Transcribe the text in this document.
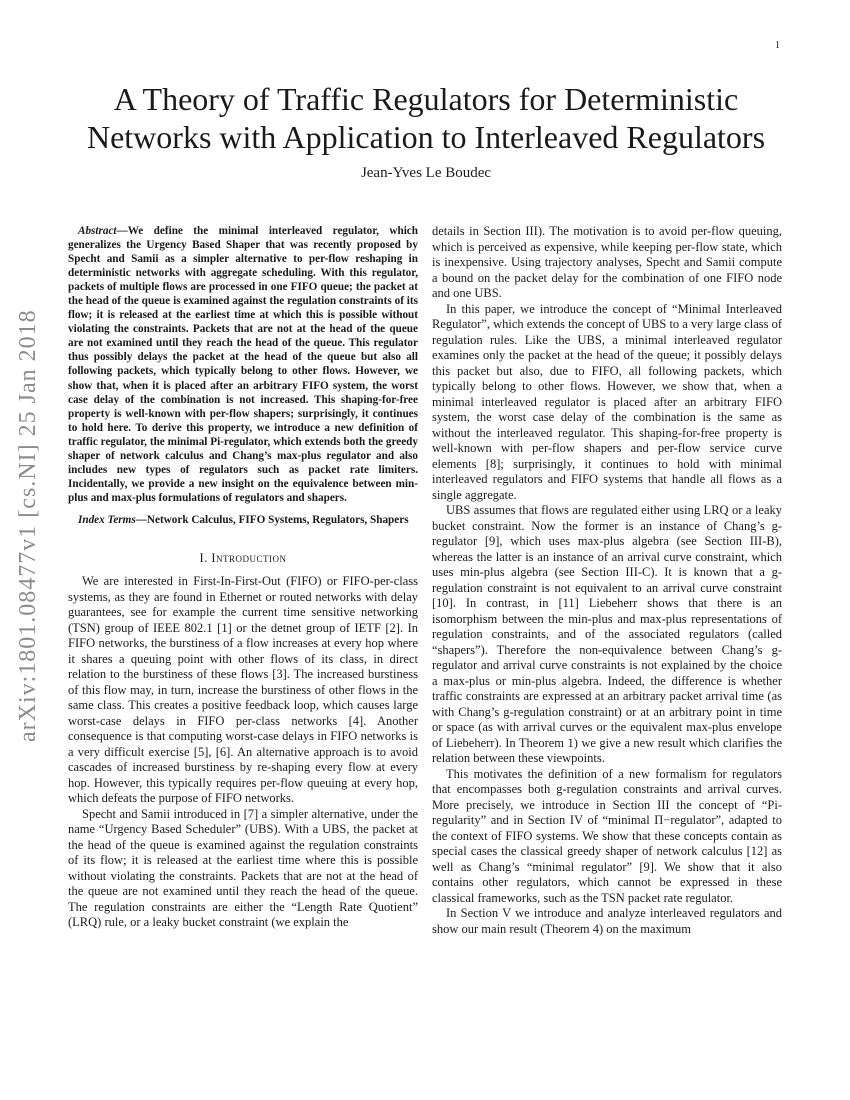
1
arXiv:1801.08477v1 [cs.NI] 25 Jan 2018
A Theory of Traffic Regulators for Deterministic Networks with Application to Interleaved Regulators
Jean-Yves Le Boudec

Abstract—We define the minimal interleaved regulator, which generalizes the Urgency Based Shaper that was recently proposed by Specht and Samii as a simpler alternative to per-flow reshaping in deterministic networks with aggregate scheduling. With this regulator, packets of multiple flows are processed in one FIFO queue; the packet at the head of the queue is examined against the regulation constraints of its flow; it is released at the earliest time at which this is possible without violating the constraints. Packets that are not at the head of the queue are not examined until they reach the head of the queue. This regulator thus possibly delays the packet at the head of the queue but also all following packets, which typically belong to other flows. However, we show that, when it is placed after an arbitrary FIFO system, the worst case delay of the combination is not increased. This shaping-for-free property is well-known with per-flow shapers; surprisingly, it continues to hold here. To derive this property, we introduce a new definition of traffic regulator, the minimal Pi-regulator, which extends both the greedy shaper of network calculus and Chang’s max-plus regulator and also includes new types of regulators such as packet rate limiters. Incidentally, we provide a new insight on the equivalence between min-plus and max-plus formulations of regulators and shapers.

Index Terms—Network Calculus, FIFO Systems, Regulators, Shapers

I. Introduction

We are interested in First-In-First-Out (FIFO) or FIFO-per-class systems, as they are found in Ethernet or routed networks with delay guarantees, see for example the current time sensitive networking (TSN) group of IEEE 802.1 [1] or the detnet group of IETF [2]. In FIFO networks, the burstiness of a flow increases at every hop where it shares a queuing point with other flows of its class, in direct relation to the burstiness of these flows [3]. The increased burstiness of this flow may, in turn, increase the burstiness of other flows in the same class. This creates a positive feedback loop, which causes large worst-case delays in FIFO per-class networks [4]. Another consequence is that computing worst-case delays in FIFO networks is a very difficult exercise [5], [6]. An alternative approach is to avoid cascades of increased burstiness by re-shaping every flow at every hop. However, this typically requires per-flow queuing at every hop, which defeats the purpose of FIFO networks.

Specht and Samii introduced in [7] a simpler alternative, under the name “Urgency Based Scheduler” (UBS). With a UBS, the packet at the head of the queue is examined against the regulation constraints of its flow; it is released at the earliest time where this is possible without violating the constraints. Packets that are not at the head of the queue are not examined until they reach the head of the queue. The regulation constraints are either the “Length Rate Quotient” (LRQ) rule, or a leaky bucket constraint (we explain the

details in Section III). The motivation is to avoid per-flow queuing, which is perceived as expensive, while keeping per-flow state, which is inexpensive. Using trajectory analyses, Specht and Samii compute a bound on the packet delay for the combination of one FIFO node and one UBS.

In this paper, we introduce the concept of “Minimal Interleaved Regulator”, which extends the concept of UBS to a very large class of regulation rules. Like the UBS, a minimal interleaved regulator examines only the packet at the head of the queue; it possibly delays this packet but also, due to FIFO, all following packets, which typically belong to other flows. However, we show that, when a minimal interleaved regulator is placed after an arbitrary FIFO system, the worst case delay of the combination is the same as without the interleaved regulator. This shaping-for-free property is well-known with per-flow shapers and per-flow service curve elements [8]; surprisingly, it continues to hold with minimal interleaved regulators and FIFO systems that handle all flows as a single aggregate.

UBS assumes that flows are regulated either using LRQ or a leaky bucket constraint. Now the former is an instance of Chang’s g-regulator [9], which uses max-plus algebra (see Section III-B), whereas the latter is an instance of an arrival curve constraint, which uses min-plus algebra (see Section III-C). It is known that a g-regulation constraint is not equivalent to an arrival curve constraint [10]. In contrast, in [11] Liebeherr shows that there is an isomorphism between the min-plus and max-plus representations of regulation constraints, and of the associated regulators (called “shapers”). Therefore the non-equivalence between Chang’s g-regulator and arrival curve constraints is not explained by the choice a max-plus or min-plus algebra. Indeed, the difference is whether traffic constraints are expressed at an arbitrary packet arrival time (as with Chang’s g-regulation constraint) or at an arbitrary point in time or space (as with arrival curves or the equivalent max-plus envelope of Liebeherr). In Theorem 1) we give a new result which clarifies the relation between these viewpoints.

This motivates the definition of a new formalism for regulators that encompasses both g-regulation constraints and arrival curves. More precisely, we introduce in Section III the concept of “Pi-regularity” and in Section IV of “minimal Π−regulator”, adapted to the context of FIFO systems. We show that these concepts contain as special cases the classical greedy shaper of network calculus [12] as well as Chang’s “minimal regulator” [9]. We show that it also contains other regulators, which cannot be expressed in these classical frameworks, such as the TSN packet rate regulator.

In Section V we introduce and analyze interleaved regulators and show our main result (Theorem 4) on the maximum
